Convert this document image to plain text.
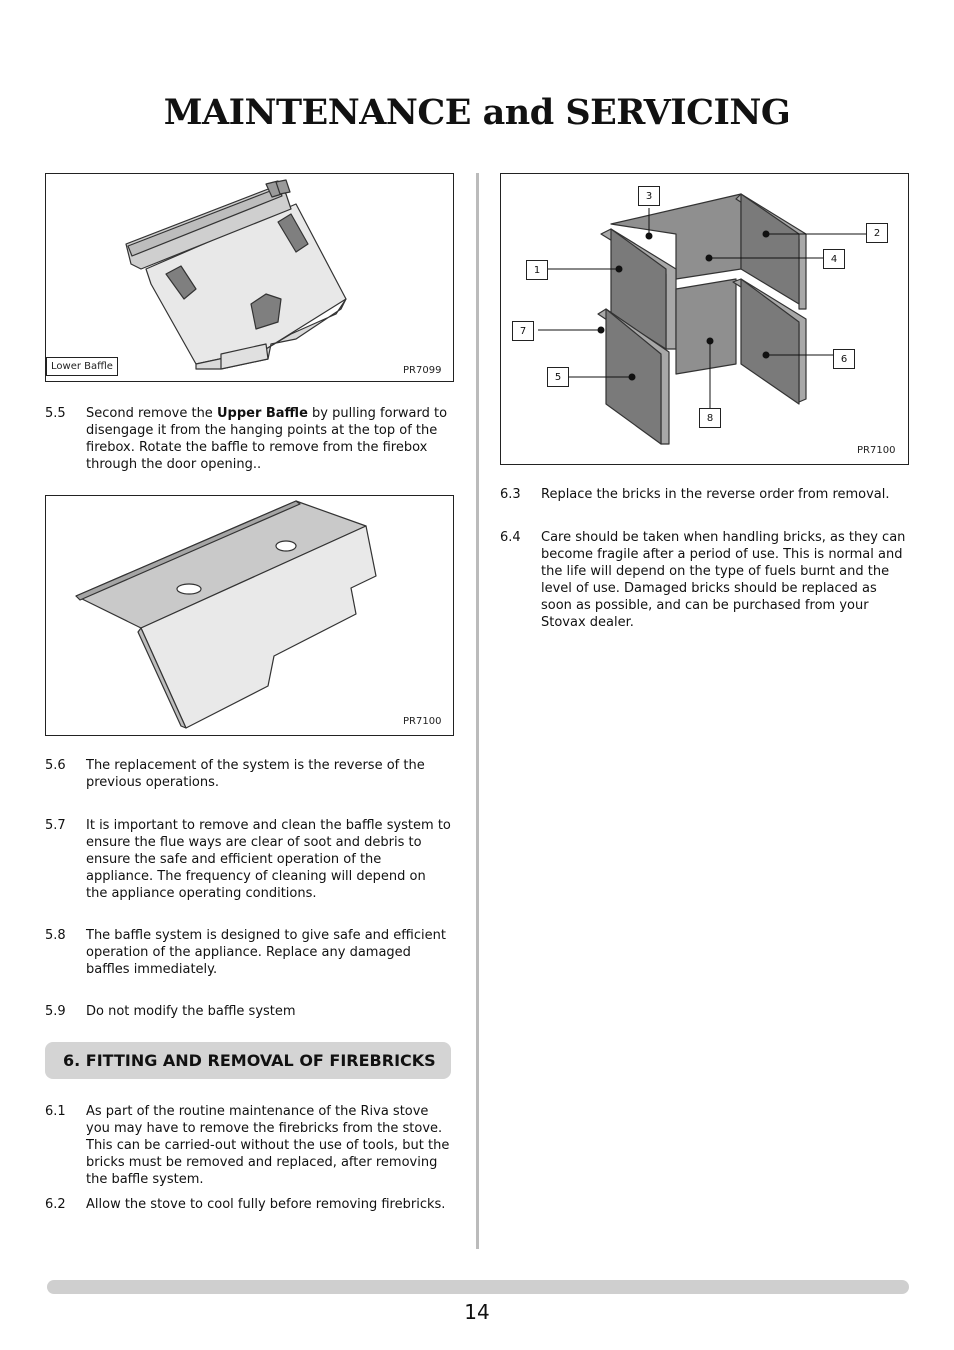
MAINTENANCE and SERVICING
Lower Baffle	PR7099
5.5 Second remove the Upper Baffle by pulling forward to disengage it from the hanging points at the top of the firebox. Rotate the baffle to remove from the firebox through the door opening..
PR7100
5.6 The replacement of the system is the reverse of the previous operations.
5.7 It is important to remove and clean the baffle system to ensure the flue ways are clear of soot and debris to ensure the safe and efficient operation of the appliance. The frequency of cleaning will depend on the appliance operating conditions.
5.8 The baffle system is designed to give safe and efficient operation of the appliance. Replace any damaged baffles immediately.
5.9 Do not modify the baffle system
6. FITTING AND REMOVAL OF FIREBRICKS
6.1 As part of the routine maintenance of the Riva stove you may have to remove the firebricks from the stove. This can be carried-out without the use of tools, but the bricks must be removed and replaced, after removing the baffle system.
6.2 Allow the stove to cool fully before removing firebricks.
1
2
3
4
5
6
7
8
PR7100
6.3 Replace the bricks in the reverse order from removal.
6.4 Care should be taken when handling bricks, as they can become fragile after a period of use. This is normal and the life will depend on the type of fuels burnt and the level of use. Damaged bricks should be replaced as soon as possible, and can be purchased from your Stovax dealer.
14
